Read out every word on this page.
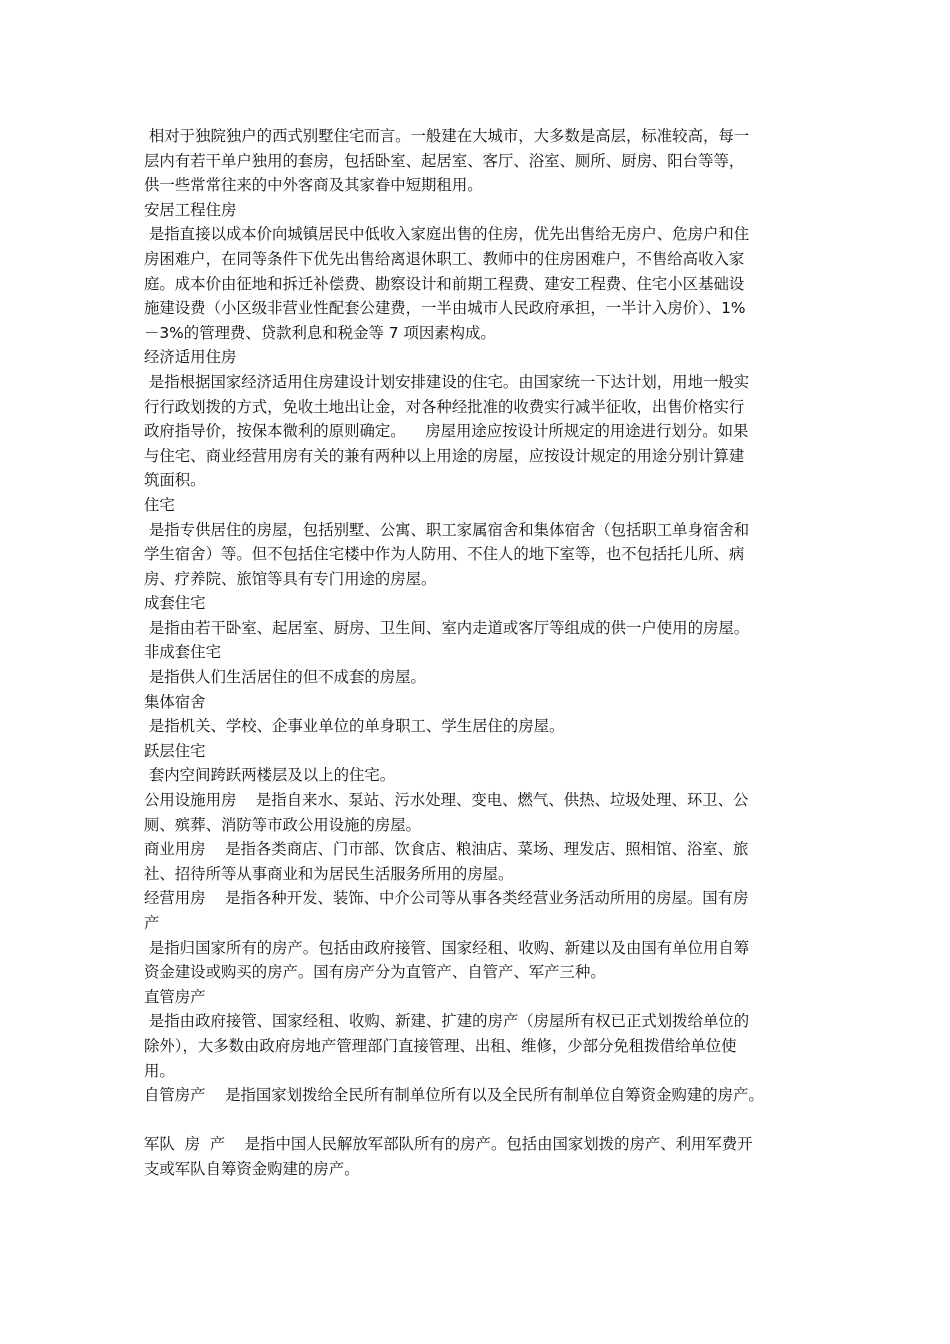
相对于独院独户的西式别墅住宅而言。一般建在大城市，大多数是高层，标准较高，每一
层内有若干单户独用的套房，包括卧室、起居室、客厅、浴室、厕所、厨房、阳台等等，
供一些常常往来的中外客商及其家眷中短期租用。
安居工程住房
是指直接以成本价向城镇居民中低收入家庭出售的住房，优先出售给无房户、危房户和住
房困难户，在同等条件下优先出售给离退休职工、教师中的住房困难户，不售给高收入家
庭。成本价由征地和拆迁补偿费、勘察设计和前期工程费、建安工程费、住宅小区基础设
施建设费（小区级非营业性配套公建费，一半由城市人民政府承担，一半计入房价）、1%
－3%的管理费、贷款利息和税金等 7 项因素构成。
经济适用住房
是指根据国家经济适用住房建设计划安排建设的住宅。由国家统一下达计划，用地一般实
行行政划拨的方式，免收土地出让金，对各种经批准的收费实行减半征收，出售价格实行
政府指导价，按保本微利的原则确定。    房屋用途应按设计所规定的用途进行划分。如果
与住宅、商业经营用房有关的兼有两种以上用途的房屋，应按设计规定的用途分别计算建
筑面积。
住宅
是指专供居住的房屋，包括别墅、公寓、职工家属宿舍和集体宿舍（包括职工单身宿舍和
学生宿舍）等。但不包括住宅楼中作为人防用、不住人的地下室等，也不包括托儿所、病
房、疗养院、旅馆等具有专门用途的房屋。
成套住宅
是指由若干卧室、起居室、厨房、卫生间、室内走道或客厅等组成的供一户使用的房屋。
非成套住宅
是指供人们生活居住的但不成套的房屋。
集体宿舍
是指机关、学校、企事业单位的单身职工、学生居住的房屋。
跃层住宅
套内空间跨跃两楼层及以上的住宅。
公用设施用房    是指自来水、泵站、污水处理、变电、燃气、供热、垃圾处理、环卫、公
厕、殡葬、消防等市政公用设施的房屋。
商业用房    是指各类商店、门市部、饮食店、粮油店、菜场、理发店、照相馆、浴室、旅
社、招待所等从事商业和为居民生活服务所用的房屋。
经营用房    是指各种开发、装饰、中介公司等从事各类经营业务活动所用的房屋。国有房
产
是指归国家所有的房产。包括由政府接管、国家经租、收购、新建以及由国有单位用自筹
资金建设或购买的房产。国有房产分为直管产、自管产、军产三种。
直管房产
是指由政府接管、国家经租、收购、新建、扩建的房产（房屋所有权已正式划拨给单位的
除外），大多数由政府房地产管理部门直接管理、出租、维修，少部分免租拨借给单位使
用。
自管房产    是指国家划拨给全民所有制单位所有以及全民所有制单位自筹资金购建的房产。
军队  房  产    是指中国人民解放军部队所有的房产。包括由国家划拨的房产、利用军费开
支或军队自筹资金购建的房产。
